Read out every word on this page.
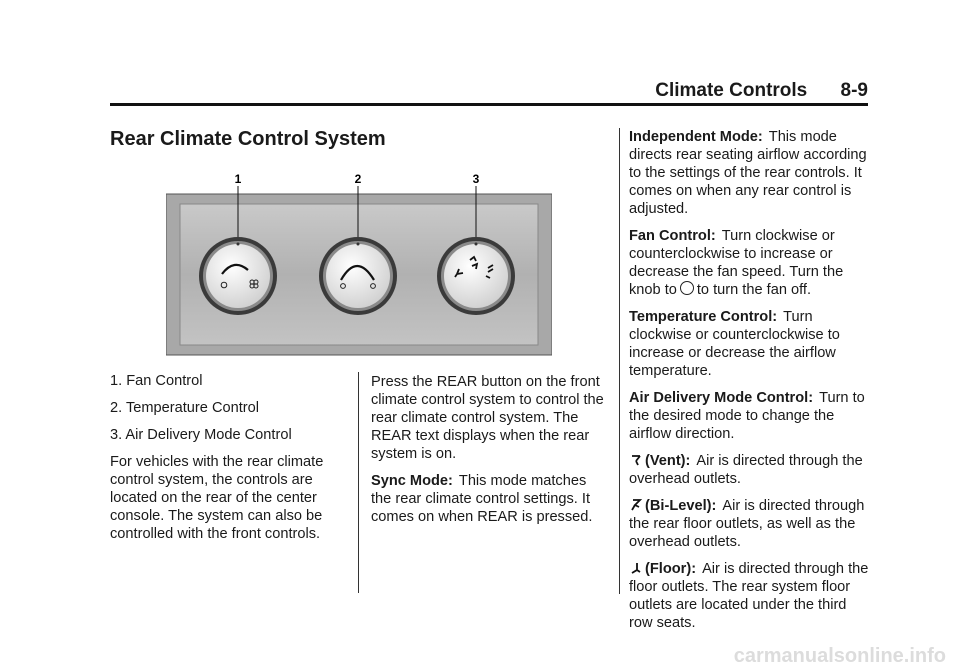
Climate Controls 8-9
Rear Climate Control System
1	2	3
1. Fan Control
2. Temperature Control
3. Air Delivery Mode Control

For vehicles with the rear climate control system, the controls are located on the rear of the center console. The system can also be controlled with the front controls.

Press the REAR button on the front climate control system to control the rear climate control system. The REAR text displays when the rear system is on.

Sync Mode: This mode matches the rear climate control settings. It comes on when REAR is pressed.

Independent Mode: This mode directs rear seating airflow according to the settings of the rear controls. It comes on when any rear control is adjusted.

Fan Control: Turn clockwise or counterclockwise to increase or decrease the fan speed. Turn the knob to to turn the fan off.

Temperature Control: Turn clockwise or counterclockwise to increase or decrease the airflow temperature.

Air Delivery Mode Control: Turn to the desired mode to change the airflow direction.

(Vent): Air is directed through the overhead outlets.

(Bi-Level): Air is directed through the rear floor outlets, as well as the overhead outlets.

(Floor): Air is directed through the floor outlets. The rear system floor outlets are located under the third row seats.

carmanualsonline.info
